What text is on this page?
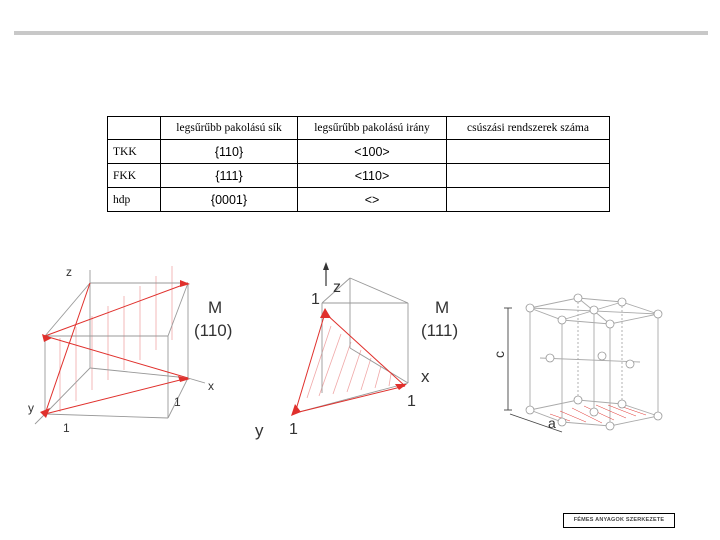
	legsűrűbb pakolású sík	legsűrűbb pakolású irány	csúszási rendszerek száma
TKK	{110}	<100>	
FKK	{111}	<110>	
hdp	{0001}	<>	
z
x
1
y
1
M
(110)
z
1
x
1
y 1
M
(111)
c
a
FÉMES ANYAGOK SZERKEZETE
